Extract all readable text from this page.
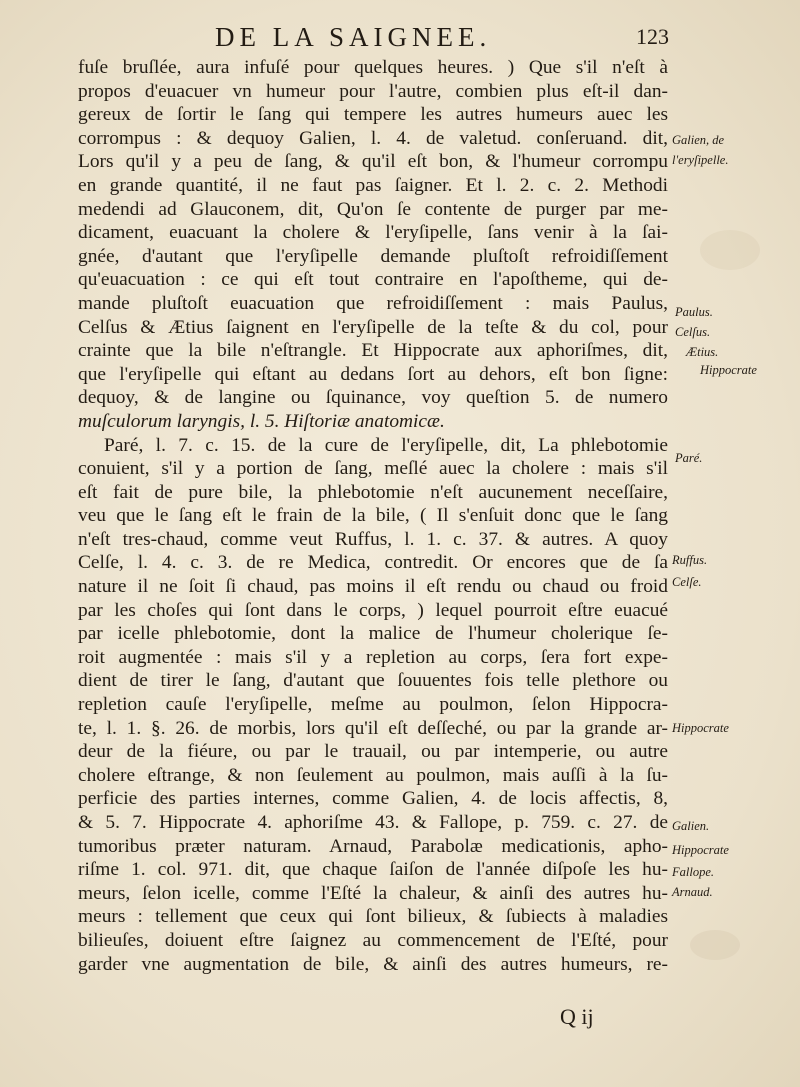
DE LA SAIGNEE.	123
fuſe bruſlée, aura infuſé pour quelques heures. ) Que s'il n'eſt à
propos d'euacuer vn humeur pour l'autre, combien plus eſt-il dan-
gereux de ſortir le ſang qui tempere les autres humeurs auec les
corrompus : & dequoy Galien, l. 4. de valetud. conſeruand. dit,
Lors qu'il y a peu de ſang, & qu'il eſt bon, & l'humeur corrompu
en grande quantité, il ne faut pas ſaigner. Et l. 2. c. 2. Methodi
medendi ad Glauconem, dit, Qu'on ſe contente de purger par me-
dicament, euacuant la cholere & l'eryſipelle, ſans venir à la ſai-
gnée, d'autant que l'eryſipelle demande pluſtoſt refroidiſſement
qu'euacuation : ce qui eſt tout contraire en l'apoſtheme, qui de-
mande pluſtoſt euacuation que refroidiſſement : mais Paulus,
Celſus & Ætius ſaignent en l'eryſipelle de la teſte & du col, pour
crainte que la bile n'eſtrangle. Et Hippocrate aux aphoriſmes, dit,
que l'eryſipelle qui eſtant au dedans ſort au dehors, eſt bon ſigne:
dequoy, & de langine ou ſquinance, voy queſtion 5. de numero
muſculorum laryngis, l. 5. Hiſtoriæ anatomicæ.
Paré, l. 7. c. 15. de la cure de l'eryſipelle, dit, La phlebotomie
conuient, s'il y a portion de ſang, meſlé auec la cholere : mais s'il
eſt fait de pure bile, la phlebotomie n'eſt aucunement neceſſaire,
veu que le ſang eſt le frain de la bile, ( Il s'enſuit donc que le ſang
n'eſt tres-chaud, comme veut Ruffus, l. 1. c. 37. & autres. A quoy
Celſe, l. 4. c. 3. de re Medica, contredit. Or encores que de ſa
nature il ne ſoit ſi chaud, pas moins il eſt rendu ou chaud ou froid
par les choſes qui ſont dans le corps, ) lequel pourroit eſtre euacué
par icelle phlebotomie, dont la malice de l'humeur cholerique ſe-
roit augmentée : mais s'il y a repletion au corps, ſera fort expe-
dient de tirer le ſang, d'autant que ſouuentes fois telle plethore ou
repletion cauſe l'eryſipelle, meſme au poulmon, ſelon Hippocra-
te, l. 1. §. 26. de morbis, lors qu'il eſt deſſeché, ou par la grande ar-
deur de la fiéure, ou par le trauail, ou par intemperie, ou autre
cholere eſtrange, & non ſeulement au poulmon, mais auſſi à la ſu-
perficie des parties internes, comme Galien, 4. de locis affectis, 8,
& 5. 7. Hippocrate 4. aphoriſme 43. & Fallope, p. 759. c. 27. de
tumoribus præter naturam. Arnaud, Parabolæ medicationis, apho-
riſme 1. col. 971. dit, que chaque ſaiſon de l'année diſpoſe les hu-
meurs, ſelon icelle, comme l'Eſté la chaleur, & ainſi des autres hu-
meurs : tellement que ceux qui ſont bilieux, & ſubiects à maladies
bilieuſes, doiuent eſtre ſaignez au commencement de l'Eſté, pour
garder vne augmentation de bile, & ainſi des autres humeurs, re-
Galien, de
l'eryſipelle.
Paulus.
Celſus.
Ætius.
Hippocrate
Paré.
Ruffus.
Celſe.
Hippocrate
Galien.
Hippocrate
Fallope.
Arnaud.
Q ij
